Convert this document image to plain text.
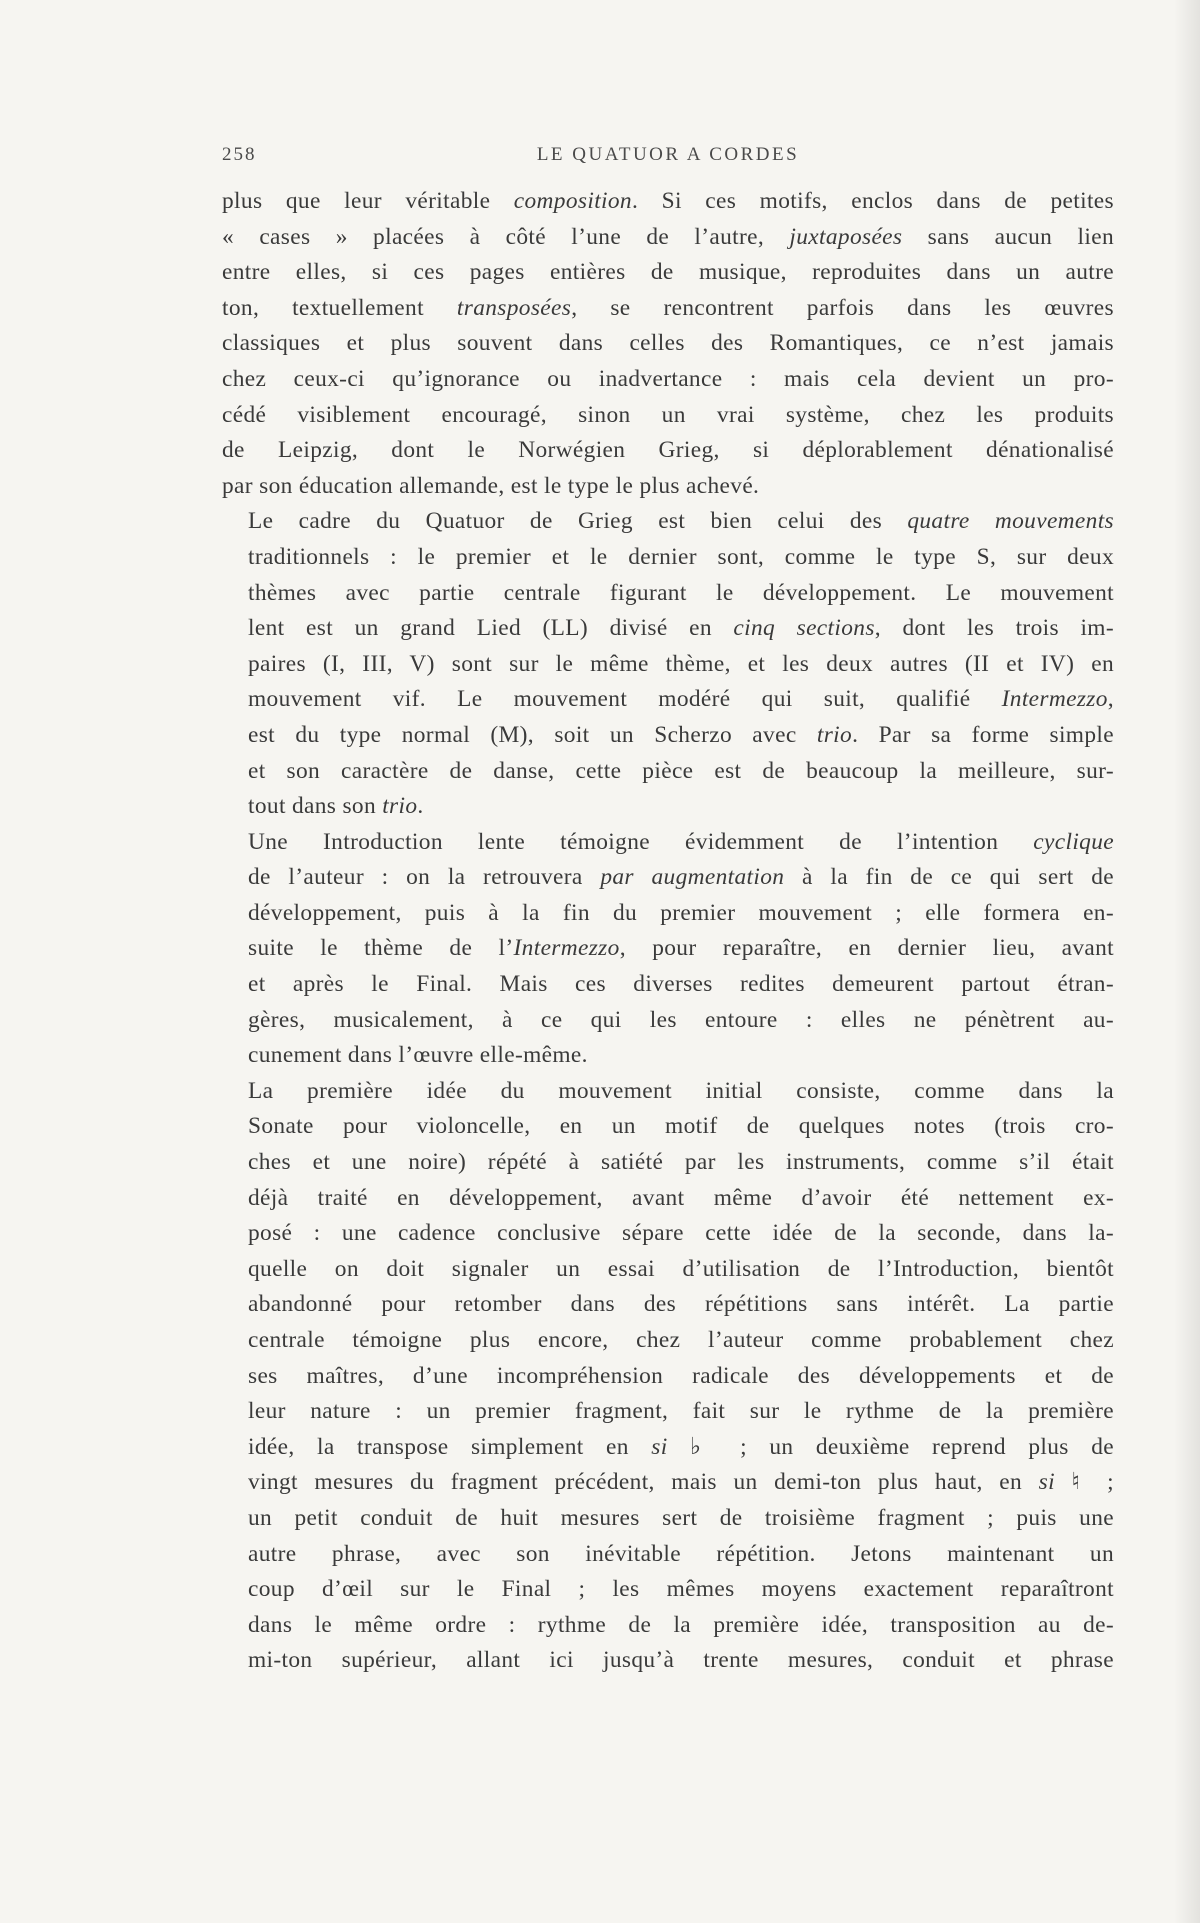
258	LE QUATUOR A CORDES

plus que leur véritable composition. Si ces motifs, enclos dans de petites
« cases » placées à côté l’une de l’autre, juxtaposées sans aucun lien
entre elles, si ces pages entières de musique, reproduites dans un autre
ton, textuellement transposées, se rencontrent parfois dans les œuvres
classiques et plus souvent dans celles des Romantiques, ce n’est jamais
chez ceux-ci qu’ignorance ou inadvertance : mais cela devient un pro-
cédé visiblement encouragé, sinon un vrai système, chez les produits
de Leipzig, dont le Norwégien Grieg, si déplorablement dénationalisé
par son éducation allemande, est le type le plus achevé.

Le cadre du Quatuor de Grieg est bien celui des quatre mouvements
traditionnels : le premier et le dernier sont, comme le type S, sur deux
thèmes avec partie centrale figurant le développement. Le mouvement
lent est un grand Lied (LL) divisé en cinq sections, dont les trois im-
paires (I, III, V) sont sur le même thème, et les deux autres (II et IV) en
mouvement vif. Le mouvement modéré qui suit, qualifié Intermezzo,
est du type normal (M), soit un Scherzo avec trio. Par sa forme simple
et son caractère de danse, cette pièce est de beaucoup la meilleure, sur-
tout dans son trio.

Une Introduction lente témoigne évidemment de l’intention cyclique
de l’auteur : on la retrouvera par augmentation à la fin de ce qui sert de
développement, puis à la fin du premier mouvement ; elle formera en-
suite le thème de l’Intermezzo, pour reparaître, en dernier lieu, avant
et après le Final. Mais ces diverses redites demeurent partout étran-
gères, musicalement, à ce qui les entoure : elles ne pénètrent au-
cunement dans l’œuvre elle-même.

La première idée du mouvement initial consiste, comme dans la
Sonate pour violoncelle, en un motif de quelques notes (trois cro-
ches et une noire) répété à satiété par les instruments, comme s’il était
déjà traité en développement, avant même d’avoir été nettement ex-
posé : une cadence conclusive sépare cette idée de la seconde, dans la-
quelle on doit signaler un essai d’utilisation de l’Introduction, bientôt
abandonné pour retomber dans des répétitions sans intérêt. La partie
centrale témoigne plus encore, chez l’auteur comme probablement chez
ses maîtres, d’une incompréhension radicale des développements et de
leur nature : un premier fragment, fait sur le rythme de la première
idée, la transpose simplement en si ♭ ; un deuxième reprend plus de
vingt mesures du fragment précédent, mais un demi-ton plus haut, en si ♮ ;
un petit conduit de huit mesures sert de troisième fragment ; puis une
autre phrase, avec son inévitable répétition. Jetons maintenant un
coup d’œil sur le Final ; les mêmes moyens exactement reparaîtront
dans le même ordre : rythme de la première idée, transposition au de-
mi-ton supérieur, allant ici jusqu’à trente mesures, conduit et phrase
